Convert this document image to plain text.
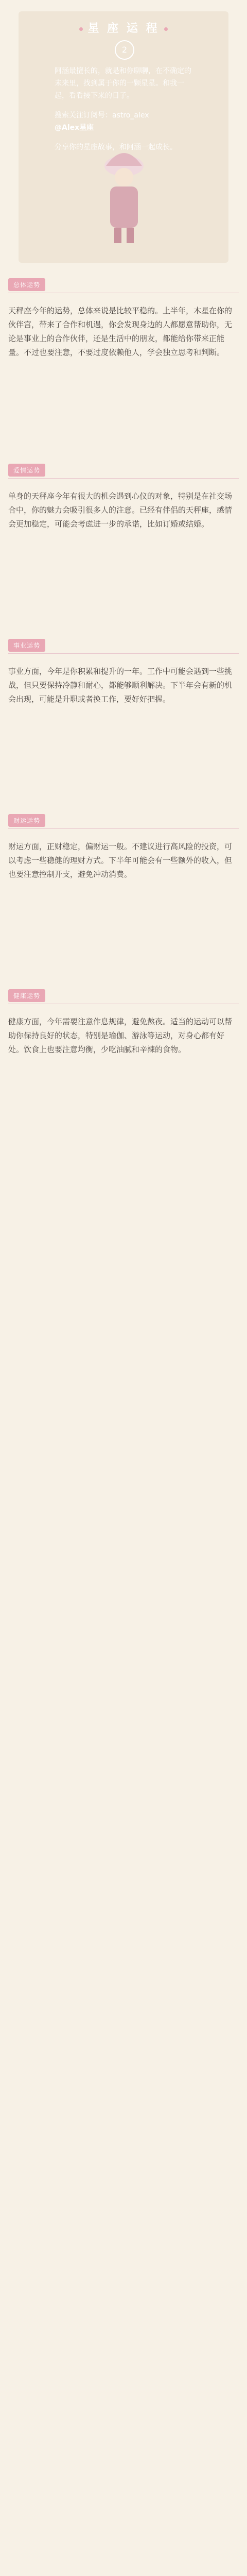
星 座 运 程
2

阿涵最擅长的，就是和你聊聊，在不确定的未来里，找到属于你的一颗星星。和我一起，看看接下来的日子。

搜索关注订阅号：astro_alex
@Alex星座

分享你的星座故事，和阿涵一起成长。

总体运势

天秤座今年的运势，总体来说是比较平稳的。上半年，木星在你的伙伴宫，带来了合作和机遇，你会发现身边的人都愿意帮助你，无论是事业上的合作伙伴，还是生活中的朋友，都能给你带来正能量。不过也要注意，不要过度依赖他人，学会独立思考和判断。

爱情运势

单身的天秤座今年有很大的机会遇到心仪的对象，特别是在社交场合中，你的魅力会吸引很多人的注意。已经有伴侣的天秤座，感情会更加稳定，可能会考虑进一步的承诺，比如订婚或结婚。

事业运势

事业方面，今年是你积累和提升的一年。工作中可能会遇到一些挑战，但只要保持冷静和耐心，都能够顺利解决。下半年会有新的机会出现，可能是升职或者换工作，要好好把握。

财运运势

财运方面，正财稳定，偏财运一般。不建议进行高风险的投资，可以考虑一些稳健的理财方式。下半年可能会有一些额外的收入，但也要注意控制开支，避免冲动消费。

健康运势

健康方面，今年需要注意作息规律，避免熬夜。适当的运动可以帮助你保持良好的状态，特别是瑜伽、游泳等运动，对身心都有好处。饮食上也要注意均衡，少吃油腻和辛辣的食物。
